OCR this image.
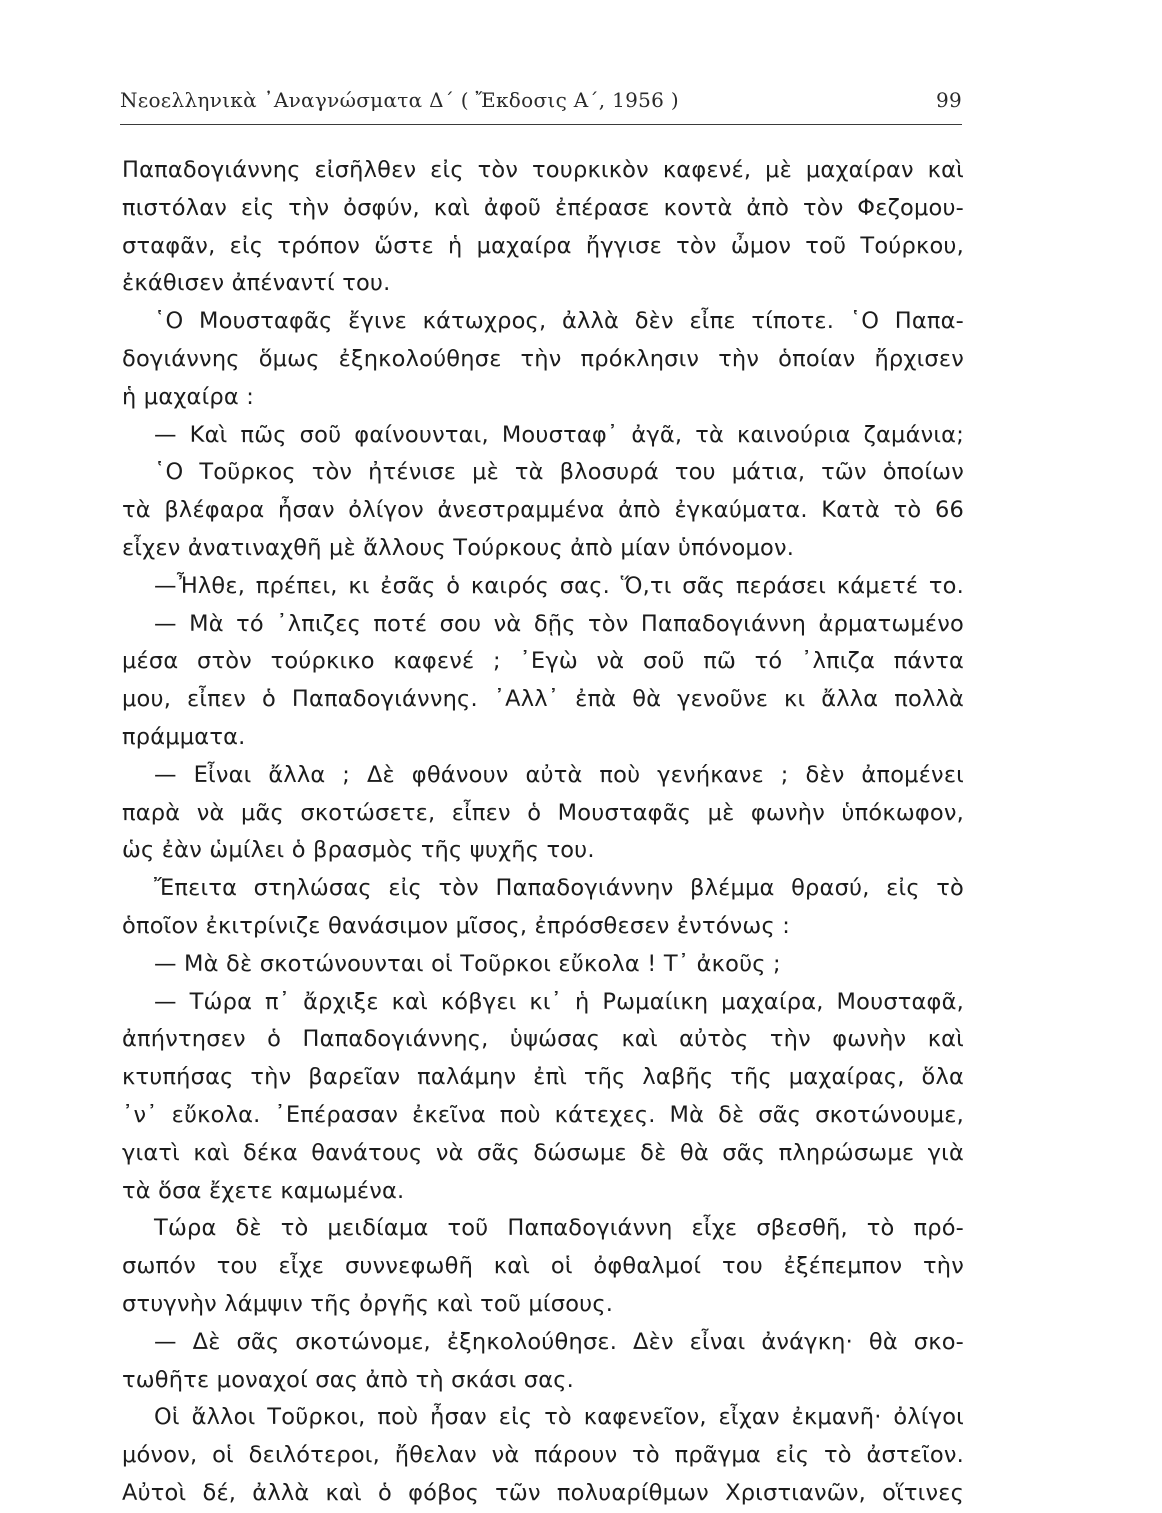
Νεοελληνικὰ ᾿Αναγνώσματα Δ΄ ( Ἔκδοσις Α΄, 1956 )	99
Παπαδογιάννης εἰσῆλθεν εἰς τὸν τουρκικὸν καφενέ, μὲ μαχαίραν καὶ
πιστόλαν εἰς τὴν ὀσφύν, καὶ ἀφοῦ ἐπέρασε κοντὰ ἀπὸ τὸν Φεζομου-
σταφᾶν, εἰς τρόπον ὥστε ἡ μαχαίρα ἤγγισε τὸν ὦμον τοῦ Τούρκου,
ἐκάθισεν ἀπέναντί του.
῾Ο Μουσταφᾶς ἔγινε κάτωχρος, ἀλλὰ δὲν εἶπε τίποτε. ῾Ο Παπα-
δογιάννης ὅμως ἐξηκολούθησε τὴν πρόκλησιν τὴν ὁποίαν ἤρχισεν
ἡ μαχαίρα :
— Καὶ πῶς σοῦ φαίνουνται, Μουσταφ᾿ ἀγᾶ, τὰ καινούρια ζαμάνια;
῾Ο Τοῦρκος τὸν ἠτένισε μὲ τὰ βλοσυρά του μάτια, τῶν ὁποίων
τὰ βλέφαρα ἦσαν ὀλίγον ἀνεστραμμένα ἀπὸ ἐγκαύματα. Κατὰ τὸ 66
εἶχεν ἀνατιναχθῆ μὲ ἄλλους Τούρκους ἀπὸ μίαν ὑπόνομον.
—Ἦλθε, πρέπει, κι ἐσᾶς ὁ καιρός σας. Ὅ,τι σᾶς περάσει κάμετέ το.
— Μὰ τό ᾿λπιζες ποτέ σου νὰ δῇς τὸν Παπαδογιάννη ἀρματωμένο
μέσα στὸν τούρκικο καφενέ ; ᾿Εγὼ νὰ σοῦ πῶ τό ᾿λπιζα πάντα
μου, εἶπεν ὁ Παπαδογιάννης. ᾿Αλλ᾿ ἐπὰ θὰ γενοῦνε κι ἄλλα πολλὰ
πράμματα.
— Εἶναι ἄλλα ; Δὲ φθάνουν αὐτὰ ποὺ γενήκανε ; δὲν ἀπομένει
παρὰ νὰ μᾶς σκοτώσετε, εἶπεν ὁ Μουσταφᾶς μὲ φωνὴν ὑπόκωφον,
ὡς ἐὰν ὡμίλει ὁ βρασμὸς τῆς ψυχῆς του.
Ἔπειτα στηλώσας εἰς τὸν Παπαδογιάννην βλέμμα θρασύ, εἰς τὸ
ὁποῖον ἐκιτρίνιζε θανάσιμον μῖσος, ἐπρόσθεσεν ἐντόνως :
— Μὰ δὲ σκοτώνουνται οἱ Τοῦρκοι εὔκολα ! Τ᾿ ἀκοῦς ;
— Τώρα π᾿ ἄρχιξε καὶ κόβγει κι᾿ ἡ Ρωμαίικη μαχαίρα, Μουσταφᾶ,
ἀπήντησεν ὁ Παπαδογιάννης, ὑψώσας καὶ αὐτὸς τὴν φωνὴν καὶ
κτυπήσας τὴν βαρεῖαν παλάμην ἐπὶ τῆς λαβῆς τῆς μαχαίρας, ὅλα
᾿ν᾿ εὔκολα. ᾿Επέρασαν ἐκεῖνα ποὺ κάτεχες. Μὰ δὲ σᾶς σκοτώνουμε,
γιατὶ καὶ δέκα θανάτους νὰ σᾶς δώσωμε δὲ θὰ σᾶς πληρώσωμε γιὰ
τὰ ὅσα ἔχετε καμωμένα.
Τώρα δὲ τὸ μειδίαμα τοῦ Παπαδογιάννη εἶχε σβεσθῆ, τὸ πρό-
σωπόν του εἶχε συννεφωθῆ καὶ οἱ ὀφθαλμοί του ἐξέπεμπον τὴν
στυγνὴν λάμψιν τῆς ὀργῆς καὶ τοῦ μίσους.
— Δὲ σᾶς σκοτώνομε, ἐξηκολούθησε. Δὲν εἶναι ἀνάγκη· θὰ σκο-
τωθῆτε μοναχοί σας ἀπὸ τὴ σκάσι σας.
Οἱ ἄλλοι Τοῦρκοι, ποὺ ἦσαν εἰς τὸ καφενεῖον, εἶχαν ἐκμανῆ· ὀλίγοι
μόνον, οἱ δειλότεροι, ἤθελαν νὰ πάρουν τὸ πρᾶγμα εἰς τὸ ἀστεῖον.
Αὐτοὶ δέ, ἀλλὰ καὶ ὁ φόβος τῶν πολυαρίθμων Χριστιανῶν, οἵτινες
